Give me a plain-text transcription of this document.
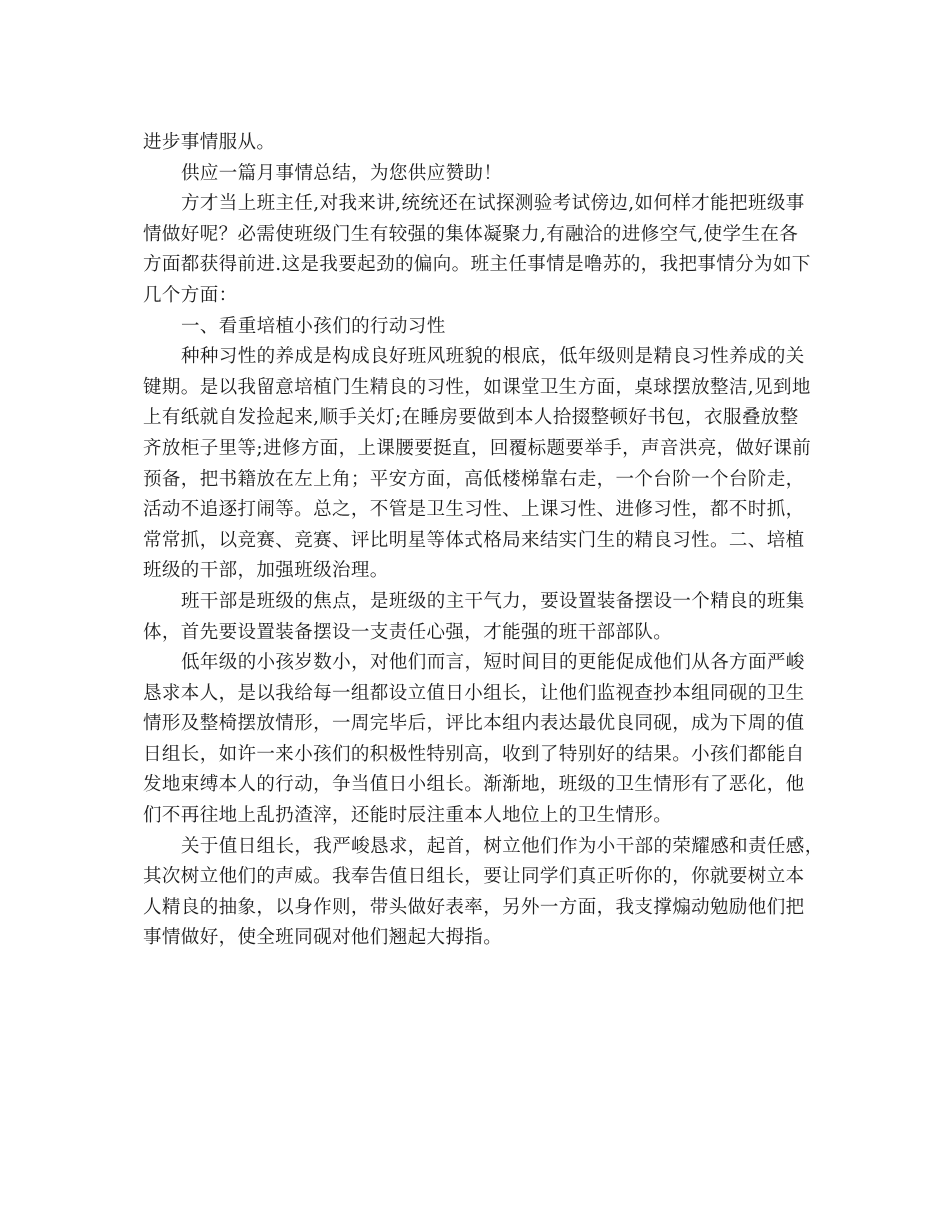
进步事情服从。
供应一篇月事情总结，为您供应赞助！
方才当上班主任,对我来讲,统统还在试探测验考试傍边,如何样才能把班级事
情做好呢？必需使班级门生有较强的集体凝聚力,有融洽的进修空气,使学生在各
方面都获得前进.这是我要起劲的偏向。班主任事情是噜苏的，我把事情分为如下
几个方面：
一、看重培植小孩们的行动习性
种种习性的养成是构成良好班风班貌的根底，低年级则是精良习性养成的关
键期。是以我留意培植门生精良的习性，如课堂卫生方面，桌球摆放整洁,见到地
上有纸就自发捡起来,顺手关灯;在睡房要做到本人拾掇整顿好书包，衣服叠放整
齐放柜子里等;进修方面，上课腰要挺直，回覆标题要举手，声音洪亮，做好课前
预备，把书籍放在左上角；平安方面，高低楼梯靠右走，一个台阶一个台阶走，
活动不追逐打闹等。总之，不管是卫生习性、上课习性、进修习性，都不时抓，
常常抓，以竞赛、竞赛、评比明星等体式格局来结实门生的精良习性。二、培植
班级的干部，加强班级治理。
班干部是班级的焦点，是班级的主干气力，要设置装备摆设一个精良的班集
体，首先要设置装备摆设一支责任心强，才能强的班干部部队。
低年级的小孩岁数小，对他们而言，短时间目的更能促成他们从各方面严峻
恳求本人，是以我给每一组都设立值日小组长，让他们监视查抄本组同砚的卫生
情形及整椅摆放情形，一周完毕后，评比本组内表达最优良同砚，成为下周的值
日组长，如许一来小孩们的积极性特别高，收到了特别好的结果。小孩们都能自
发地束缚本人的行动，争当值日小组长。渐渐地，班级的卫生情形有了恶化，他
们不再往地上乱扔渣滓，还能时辰注重本人地位上的卫生情形。
关于值日组长，我严峻恳求，起首，树立他们作为小干部的荣耀感和责任感，
其次树立他们的声威。我奉告值日组长，要让同学们真正听你的，你就要树立本
人精良的抽象，以身作则，带头做好表率，另外一方面，我支撑煽动勉励他们把
事情做好，使全班同砚对他们翘起大拇指。
